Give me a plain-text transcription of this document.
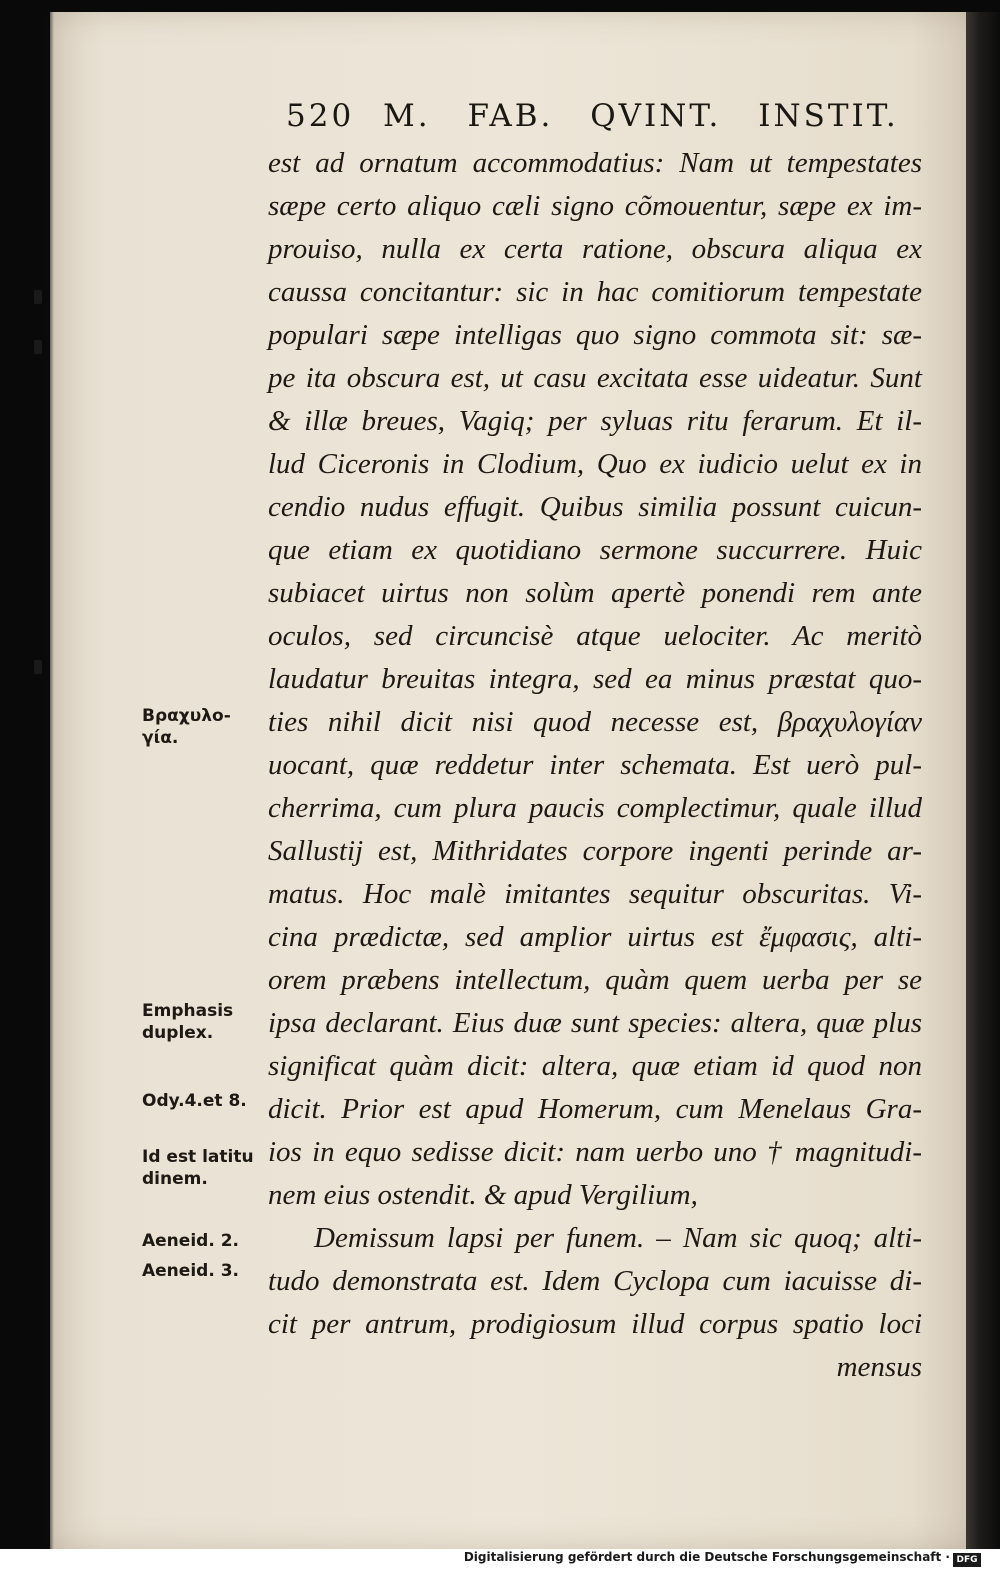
520 M. FAB. QVINT. INSTIT.
est ad ornatum accommodatius: Nam ut tempestates
sæpe certo aliquo cæli signo cõmouentur, sæpe ex im-
prouiso, nulla ex certa ratione, obscura aliqua ex
caussa concitantur: sic in hac comitiorum tempestate
populari sæpe intelligas quo signo commota sit: sæ-
pe ita obscura est, ut casu excitata esse uideatur. Sunt
& illæ breues, Vagiq; per syluas ritu ferarum. Et il-
lud Ciceronis in Clodium, Quo ex iudicio uelut ex in
cendio nudus effugit. Quibus similia possunt cuicun-
que etiam ex quotidiano sermone succurrere. Huic
subiacet uirtus non solùm apertè ponendi rem ante
oculos, sed circuncisè atque uelociter. Ac meritò
laudatur breuitas integra, sed ea minus præstat quo-
ties nihil dicit nisi quod necesse est, βραχυλογίαν
uocant, quæ reddetur inter schemata. Est uerò pul-
cherrima, cum plura paucis complectimur, quale illud
Sallustij est, Mithridates corpore ingenti perinde ar-
matus. Hoc malè imitantes sequitur obscuritas. Vi-
cina prædictæ, sed amplior uirtus est ἔμφασις, alti-
orem præbens intellectum, quàm quem uerba per se
ipsa declarant. Eius duæ sunt species: altera, quæ plus
significat quàm dicit: altera, quæ etiam id quod non
dicit. Prior est apud Homerum, cum Menelaus Gra-
ios in equo sedisse dicit: nam uerbo uno † magnitudi-
nem eius ostendit. & apud Vergilium,
Demissum lapsi per funem. – Nam sic quoq; alti-
tudo demonstrata est. Idem Cyclopa cum iacuisse di-
cit per antrum, prodigiosum illud corpus spatio loci
mensus
Βραχυλο-
γία.
Emphasis
duplex.
Ody.4.et 8.
Id est latitu
dinem.
Aeneid. 2.
Aeneid. 3.
Digitalisierung gefördert durch die Deutsche Forschungsgemeinschaft · DFG
